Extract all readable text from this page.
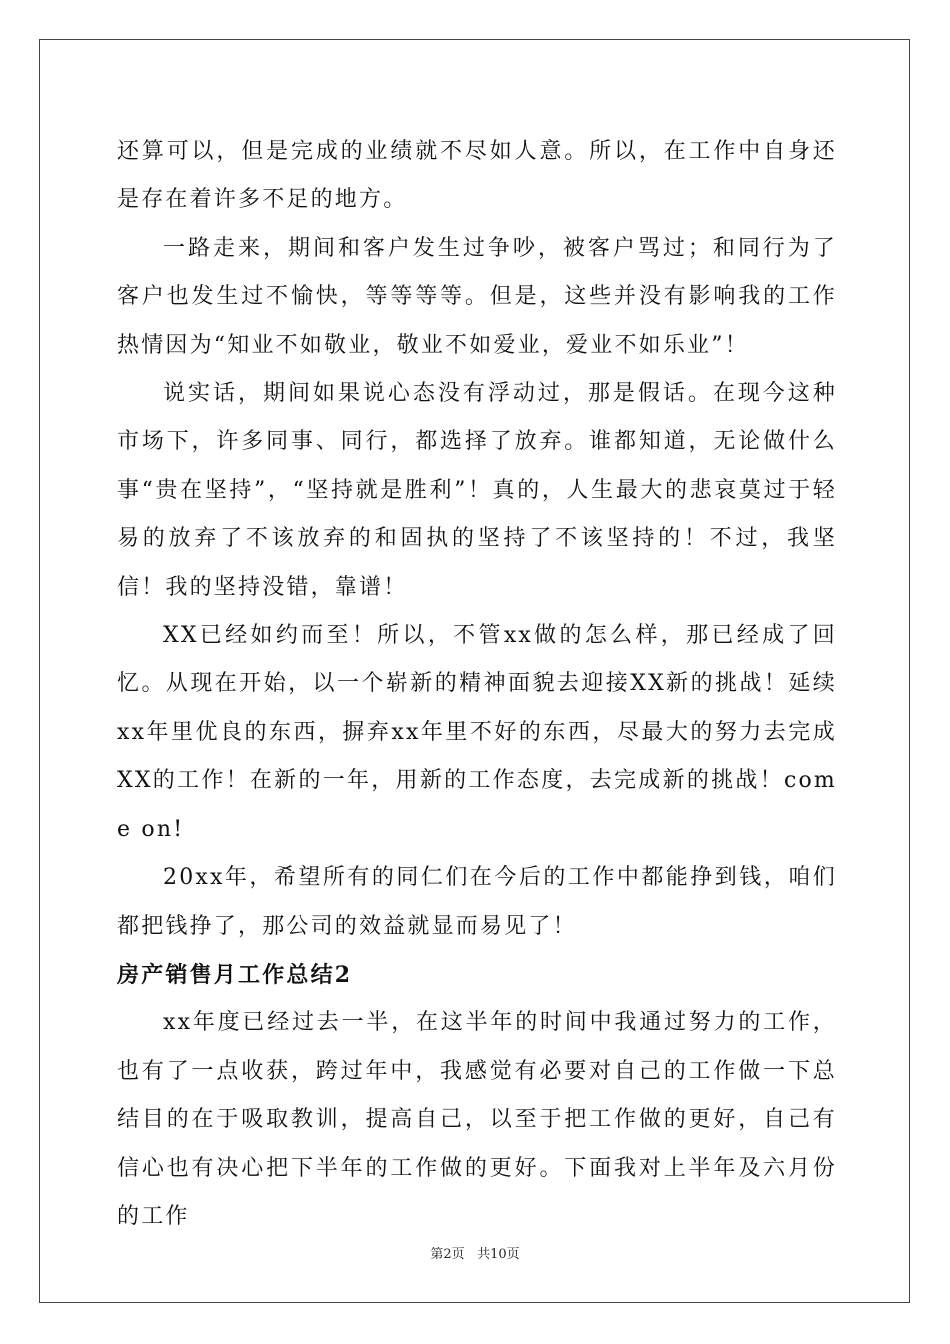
还算可以，但是完成的业绩就不尽如人意。所以，在工作中自身还是存在着许多不足的地方。

一路走来，期间和客户发生过争吵，被客户骂过；和同行为了客户也发生过不愉快，等等等等。但是，这些并没有影响我的工作热情因为“知业不如敬业，敬业不如爱业，爱业不如乐业”！

说实话，期间如果说心态没有浮动过，那是假话。在现今这种市场下，许多同事、同行，都选择了放弃。谁都知道，无论做什么事“贵在坚持”，“坚持就是胜利”！真的，人生最大的悲哀莫过于轻易的放弃了不该放弃的和固执的坚持了不该坚持的！不过，我坚信！我的坚持没错，靠谱！

XX已经如约而至！所以，不管xx做的怎么样，那已经成了回忆。从现在开始，以一个崭新的精神面貌去迎接XX新的挑战！延续xx年里优良的东西，摒弃xx年里不好的东西，尽最大的努力去完成XX的工作！在新的一年，用新的工作态度，去完成新的挑战！come on!

20xx年，希望所有的同仁们在今后的工作中都能挣到钱，咱们都把钱挣了，那公司的效益就显而易见了！

房产销售月工作总结2

xx年度已经过去一半，在这半年的时间中我通过努力的工作，也有了一点收获，跨过年中，我感觉有必要对自己的工作做一下总结目的在于吸取教训，提高自己，以至于把工作做的更好，自己有信心也有决心把下半年的工作做的更好。下面我对上半年及六月份的工作

第2页 共10页
